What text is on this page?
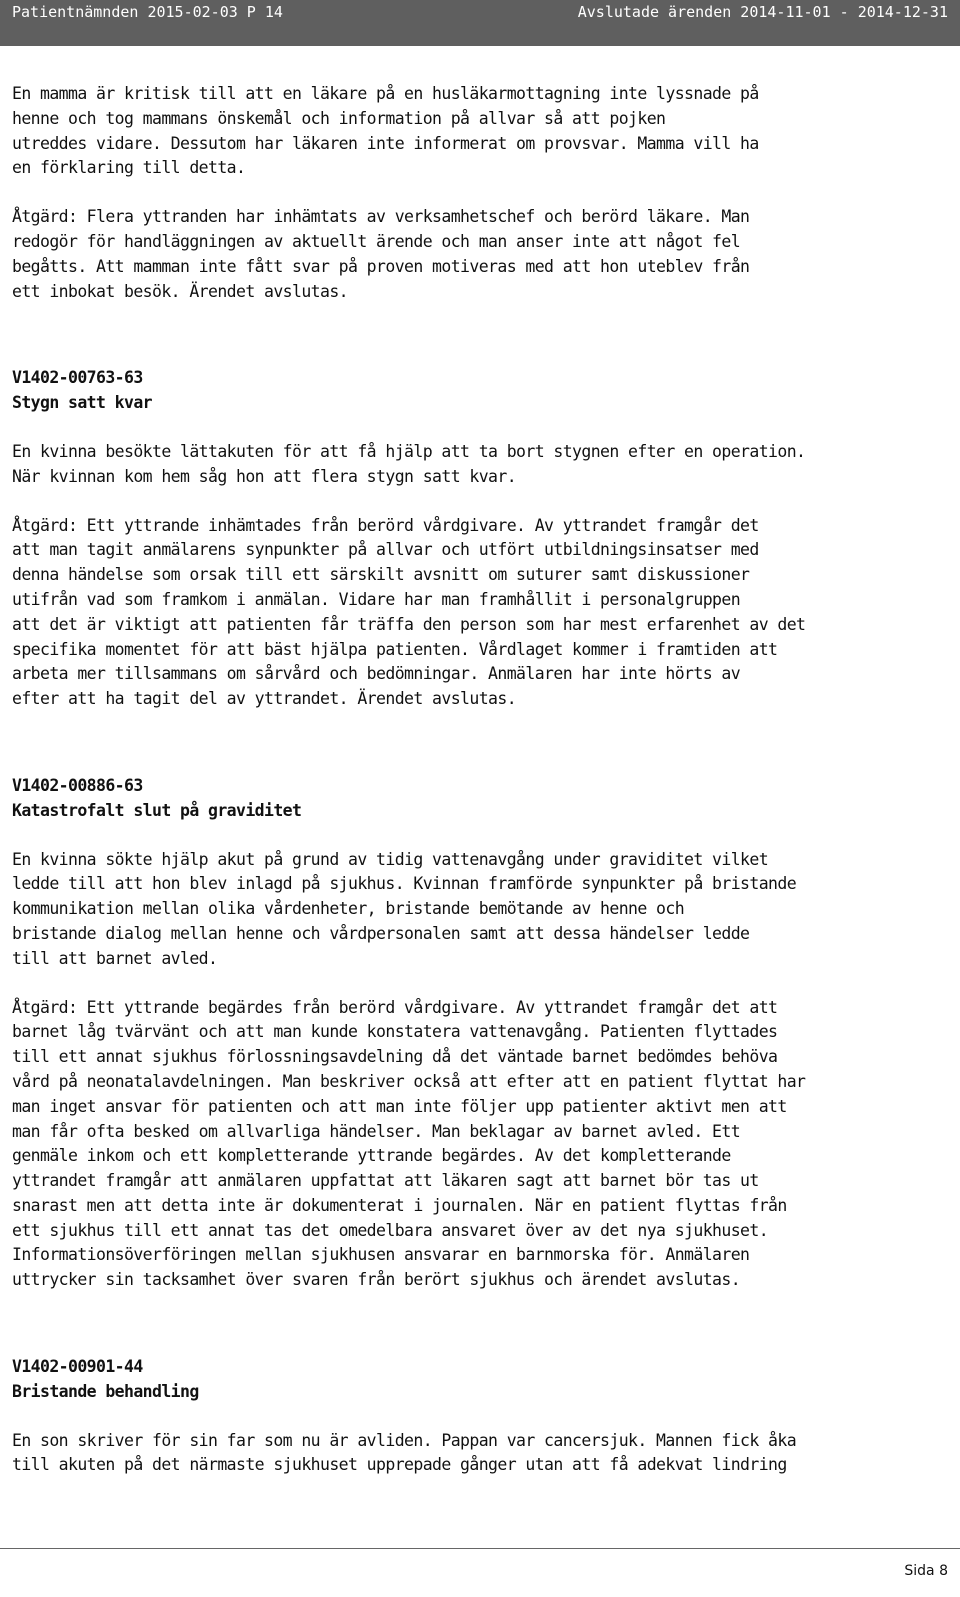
Patientnämnden 2015-02-03 P 14	Avslutade ärenden 2014-11-01 - 2014-12-31

En mamma är kritisk till att en läkare på en husläkarmottagning inte lyssnade på
henne och tog mammans önskemål och information på allvar så att pojken
utreddes vidare. Dessutom har läkaren inte informerat om provsvar. Mamma vill ha
en förklaring till detta.

Åtgärd: Flera yttranden har inhämtats av verksamhetschef och berörd läkare. Man
redogör för handläggningen av aktuellt ärende och man anser inte att något fel
begåtts. Att mamman inte fått svar på proven motiveras med att hon uteblev från
ett inbokat besök. Ärendet avslutas.

V1402-00763-63
Stygn satt kvar

En kvinna besökte lättakuten för att få hjälp att ta bort stygnen efter en operation.
När kvinnan kom hem såg hon att flera stygn satt kvar.

Åtgärd: Ett yttrande inhämtades från berörd vårdgivare. Av yttrandet framgår det
att man tagit anmälarens synpunkter på allvar och utfört utbildningsinsatser med
denna händelse som orsak till ett särskilt avsnitt om suturer samt diskussioner
utifrån vad som framkom i anmälan. Vidare har man framhållit i personalgruppen
att det är viktigt att patienten får träffa den person som har mest erfarenhet av det
specifika momentet för att bäst hjälpa patienten. Vårdlaget kommer i framtiden att
arbeta mer tillsammans om sårvård och bedömningar. Anmälaren har inte hörts av
efter att ha tagit del av yttrandet. Ärendet avslutas.

V1402-00886-63
Katastrofalt slut på graviditet

En kvinna sökte hjälp akut på grund av tidig vattenavgång under graviditet vilket
ledde till att hon blev inlagd på sjukhus. Kvinnan framförde synpunkter på bristande
kommunikation mellan olika vårdenheter, bristande bemötande av henne och
bristande dialog mellan henne och vårdpersonalen samt att dessa händelser ledde
till att barnet avled.

Åtgärd: Ett yttrande begärdes från berörd vårdgivare. Av yttrandet framgår det att
barnet låg tvärvänt och att man kunde konstatera vattenavgång. Patienten flyttades
till ett annat sjukhus förlossningsavdelning då det väntade barnet bedömdes behöva
vård på neonatalavdelningen. Man beskriver också att efter att en patient flyttat har
man inget ansvar för patienten och att man inte följer upp patienter aktivt men att
man får ofta besked om allvarliga händelser. Man beklagar av barnet avled. Ett
genmäle inkom och ett kompletterande yttrande begärdes. Av det kompletterande
yttrandet framgår att anmälaren uppfattat att läkaren sagt att barnet bör tas ut
snarast men att detta inte är dokumenterat i journalen. När en patient flyttas från
ett sjukhus till ett annat tas det omedelbara ansvaret över av det nya sjukhuset.
Informationsöverföringen mellan sjukhusen ansvarar en barnmorska för. Anmälaren
uttrycker sin tacksamhet över svaren från berört sjukhus och ärendet avslutas.

V1402-00901-44
Bristande behandling

En son skriver för sin far som nu är avliden. Pappan var cancersjuk. Mannen fick åka
till akuten på det närmaste sjukhuset upprepade gånger utan att få adekvat lindring

Sida 8
